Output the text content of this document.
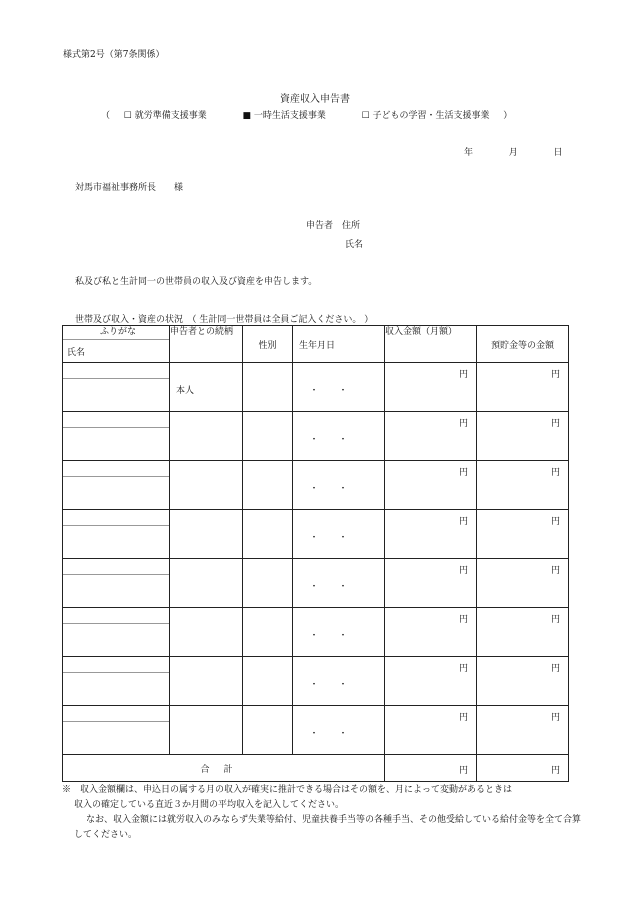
様式第2号（第7条関係）
資産収入申告書
（ ☐ 就労準備支援事業	■ 一時生活支援事業	☐ 子どもの学習・生活支援事業 ）
年	月	日
対馬市福祉事務所長　　様
申告者　住所
氏名
私及び私と生計同一の世帯員の収入及び資産を申告します。
世帯及び収入・資産の状況　（ 生計同一世帯員は全員ご記入ください。 ）
ふりがな
氏名	申告者との続柄	性別	生年月日	収入金額（月額）	預貯金等の金額

	本人		・・	円	円

			・・	円	円

			・・	円	円

			・・	円	円

			・・	円	円

			・・	円	円

			・・	円	円

			・・	円	円

合計				円	円
※　収入金額欄は、申込日の属する月の収入が確実に推計できる場合はその額を、月によって変動があるときは
収入の確定している直近３か月間の平均収入を記入してください。
なお、収入金額には就労収入のみならず失業等給付、児童扶養手当等の各種手当、その他受給している給付金等を全て合算してください。
